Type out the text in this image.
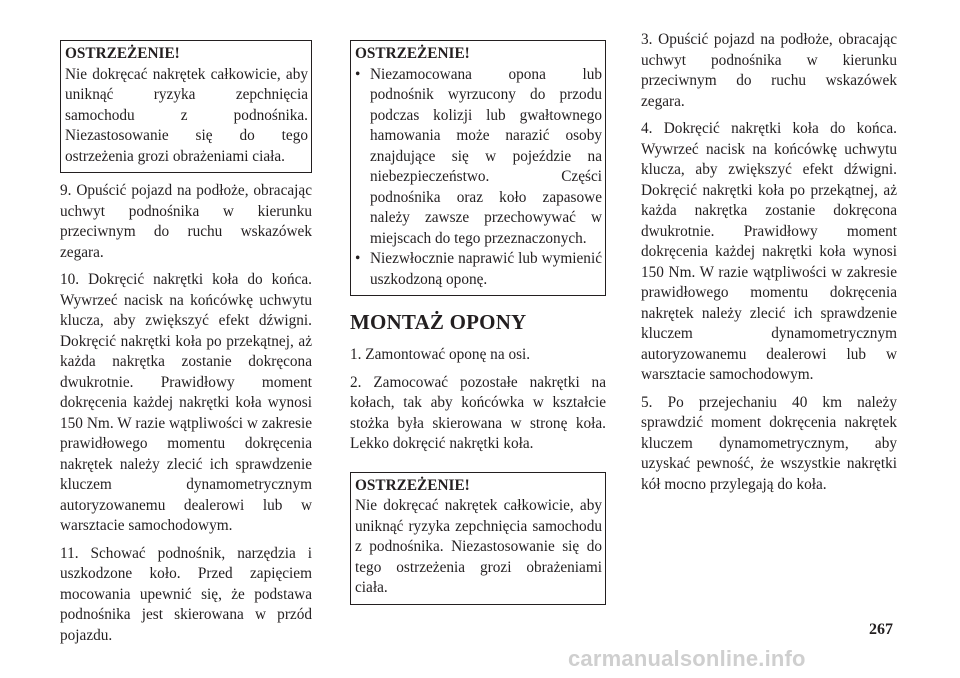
OSTRZEŻENIE!
Nie dokręcać nakrętek całkowicie, aby uniknąć ryzyka zepchnięcia samochodu z podnośnika. Niezastosowanie się do tego ostrzeżenia grozi obrażeniami ciała.

9. Opuścić pojazd na podłoże, obracając uchwyt podnośnika w kierunku przeciwnym do ruchu wskazówek zegara.

10. Dokręcić nakrętki koła do końca. Wywrzeć nacisk na końcówkę uchwytu klucza, aby zwiększyć efekt dźwigni. Dokręcić nakrętki koła po przekątnej, aż każda nakrętka zostanie dokręcona dwukrotnie. Prawidłowy moment dokręcenia każdej nakrętki koła wynosi 150 Nm. W razie wątpliwości w zakresie prawidłowego momentu dokręcenia nakrętek należy zlecić ich sprawdzenie kluczem dynamometrycznym autoryzowanemu dealerowi lub w warsztacie samochodowym.

11. Schować podnośnik, narzędzia i uszkodzone koło. Przed zapięciem mocowania upewnić się, że podstawa podnośnika jest skierowana w przód pojazdu.

OSTRZEŻENIE!
• Niezamocowana opona lub podnośnik wyrzucony do przodu podczas kolizji lub gwałtownego hamowania może narazić osoby znajdujące się w pojeździe na niebezpieczeństwo. Części podnośnika oraz koło zapasowe należy zawsze przechowywać w miejscach do tego przeznaczonych.
• Niezwłocznie naprawić lub wymienić uszkodzoną oponę.
MONTAŻ OPONY

1. Zamontować oponę na osi.

2. Zamocować pozostałe nakrętki na kołach, tak aby końcówka w kształcie stożka była skierowana w stronę koła. Lekko dokręcić nakrętki koła.

OSTRZEŻENIE!
Nie dokręcać nakrętek całkowicie, aby uniknąć ryzyka zepchnięcia samochodu z podnośnika. Niezastosowanie się do tego ostrzeżenia grozi obrażeniami ciała.

3. Opuścić pojazd na podłoże, obracając uchwyt podnośnika w kierunku przeciwnym do ruchu wskazówek zegara.

4. Dokręcić nakrętki koła do końca. Wywrzeć nacisk na końcówkę uchwytu klucza, aby zwiększyć efekt dźwigni. Dokręcić nakrętki koła po przekątnej, aż każda nakrętka zostanie dokręcona dwukrotnie. Prawidłowy moment dokręcenia każdej nakrętki koła wynosi 150 Nm. W razie wątpliwości w zakresie prawidłowego momentu dokręcenia nakrętek należy zlecić ich sprawdzenie kluczem dynamometrycznym autoryzowanemu dealerowi lub w warsztacie samochodowym.

5. Po przejechaniu 40 km należy sprawdzić moment dokręcenia nakrętek kluczem dynamometrycznym, aby uzyskać pewność, że wszystkie nakrętki kół mocno przylegają do koła.

267
carmanualsonline.info
